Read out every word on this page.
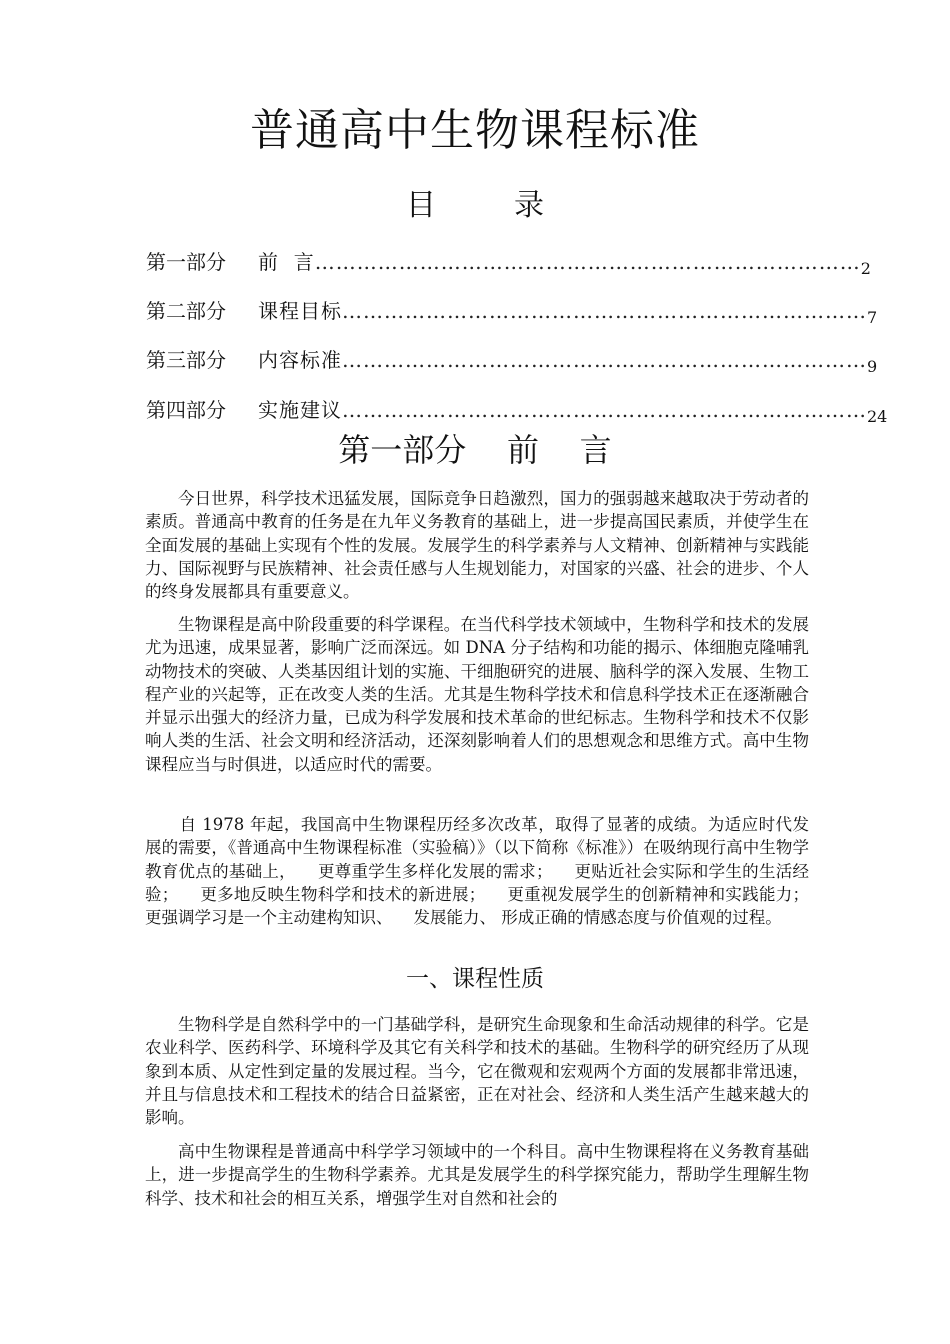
普通高中生物课程标准
目	录
第一部分	前  言 …………………………………………………………………… 2
第二部分	课程目标 ………………………………………………………………… 7
第三部分	内容标准 ………………………………………………………………… 9
第四部分	实施建议 ………………………………………………………………… 24
第一部分    前    言

今日世界，科学技术迅猛发展，国际竞争日趋激烈，国力的强弱越来越取决于劳动者的素质。普通高中教育的任务是在九年义务教育的基础上，进一步提高国民素质，并使学生在全面发展的基础上实现有个性的发展。发展学生的科学素养与人文精神、创新精神与实践能力、国际视野与民族精神、社会责任感与人生规划能力，对国家的兴盛、社会的进步、个人的终身发展都具有重要意义。

生物课程是高中阶段重要的科学课程。在当代科学技术领域中，生物科学和技术的发展尤为迅速，成果显著，影响广泛而深远。如 DNA 分子结构和功能的揭示、体细胞克隆哺乳动物技术的突破、人类基因组计划的实施、干细胞研究的进展、脑科学的深入发展、生物工程产业的兴起等，正在改变人类的生活。尤其是生物科学技术和信息科学技术正在逐渐融合并显示出强大的经济力量，已成为科学发展和技术革命的世纪标志。生物科学和技术不仅影响人类的生活、社会文明和经济活动，还深刻影响着人们的思想观念和思维方式。高中生物课程应当与时俱进，以适应时代的需要。

自 1978 年起，我国高中生物课程历经多次改革，取得了显著的成绩。为适应时代发展的需要，《普通高中生物课程标准（实验稿）》（以下简称《标准》）在吸纳现行高中生物学教育优点的基础上，    更尊重学生多样化发展的需求；    更贴近社会实际和学生的生活经验；    更多地反映生物科学和技术的新进展；    更重视发展学生的创新精神和实践能力；    更强调学习是一个主动建构知识、    发展能力、 形成正确的情感态度与价值观的过程。

一、课程性质

生物科学是自然科学中的一门基础学科，是研究生命现象和生命活动规律的科学。它是农业科学、医药科学、环境科学及其它有关科学和技术的基础。生物科学的研究经历了从现象到本质、从定性到定量的发展过程。当今，它在微观和宏观两个方面的发展都非常迅速，并且与信息技术和工程技术的结合日益紧密，正在对社会、经济和人类生活产生越来越大的影响。

高中生物课程是普通高中科学学习领域中的一个科目。高中生物课程将在义务教育基础上，进一步提高学生的生物科学素养。尤其是发展学生的科学探究能力，帮助学生理解生物科学、技术和社会的相互关系，增强学生对自然和社会的
